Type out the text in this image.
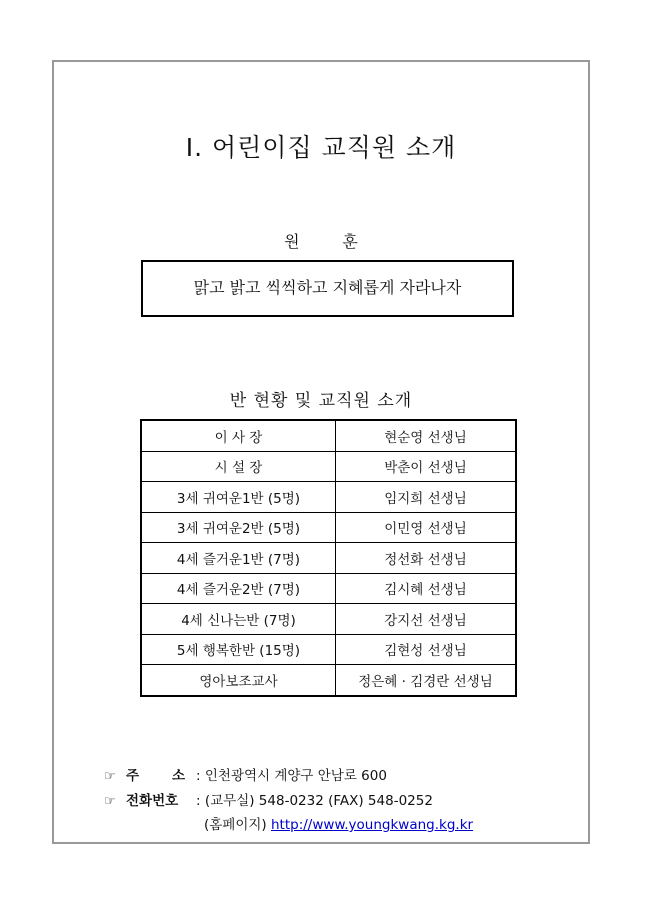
Ⅰ. 어린이집 교직원 소개
원	훈
맑고 밝고 씩씩하고 지혜롭게 자라나자
반 현황 및 교직원 소개
이 사 장	현순영 선생님
시 설 장	박춘이 선생님
3세 귀여운1반 (5명)	임지희 선생님
3세 귀여운2반 (5명)	이민영 선생님
4세 즐거운1반 (7명)	정선화 선생님
4세 즐거운2반 (7명)	김시혜 선생님
4세 신나는반 (7명)	강지선 선생님
5세 행복한반 (15명)	김현성 선생님
영아보조교사	정은혜 · 김경란 선생님
☞ 주       소 : 인천광역시 계양구 안남로 600
☞ 전화번호 : (교무실) 548-0232 (FAX) 548-0252
(홈페이지) http://www.youngkwang.kg.kr
